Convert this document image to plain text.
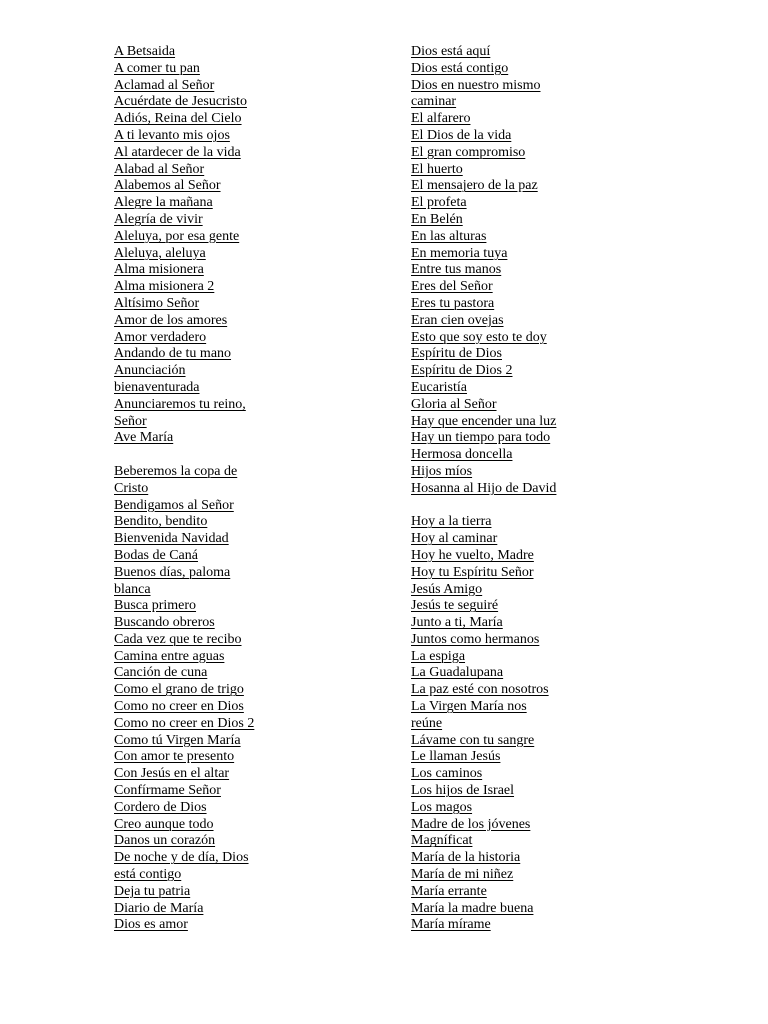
A Betsaida
A comer tu pan
Aclamad al Señor
Acuérdate de Jesucristo
Adiós, Reina del Cielo
A ti levanto mis ojos
Al atardecer de la vida
Alabad al Señor
Alabemos al Señor
Alegre la mañana
Alegría de vivir
Aleluya, por esa gente
Aleluya, aleluya
Alma misionera
Alma misionera 2
Altísimo Señor
Amor de los amores
Amor verdadero
Andando de tu mano
Anunciación
bienaventurada
Anunciaremos tu reino,
Señor
Ave María
Beberemos la copa de
Cristo
Bendigamos al Señor
Bendito, bendito
Bienvenida Navidad
Bodas de Caná
Buenos días, paloma
blanca
Busca primero
Buscando obreros
Cada vez que te recibo
Camina entre aguas
Canción de cuna
Como el grano de trigo
Como no creer en Dios
Como no creer en Dios 2
Como tú Virgen María
Con amor te presento
Con Jesús en el altar
Confírmame Señor
Cordero de Dios
Creo aunque todo
Danos un corazón
De noche y de día, Dios
está contigo
Deja tu patria
Diario de María
Dios es amor
Dios está aquí
Dios está contigo
Dios en nuestro mismo
caminar
El alfarero
El Dios de la vida
El gran compromiso
El huerto
El mensajero de la paz
El profeta
En Belén
En las alturas
En memoria tuya
Entre tus manos
Eres del Señor
Eres tu pastora
Eran cien ovejas
Esto que soy esto te doy
Espíritu de Dios
Espíritu de Dios 2
Eucaristía
Gloria al Señor
Hay que encender una luz
Hay un tiempo para todo
Hermosa doncella
Hijos míos
Hosanna al Hijo de David
Hoy a la tierra
Hoy al caminar
Hoy he vuelto, Madre
Hoy tu Espíritu Señor
Jesús Amigo
Jesús te seguiré
Junto a ti, María
Juntos como hermanos
La espiga
La Guadalupana
La paz esté con nosotros
La Virgen María nos
reúne
Lávame con tu sangre
Le llaman Jesús
Los caminos
Los hijos de Israel
Los magos
Madre de los jóvenes
Magníficat
María de la historia
María de mi niñez
María errante
María la madre buena
María mírame
